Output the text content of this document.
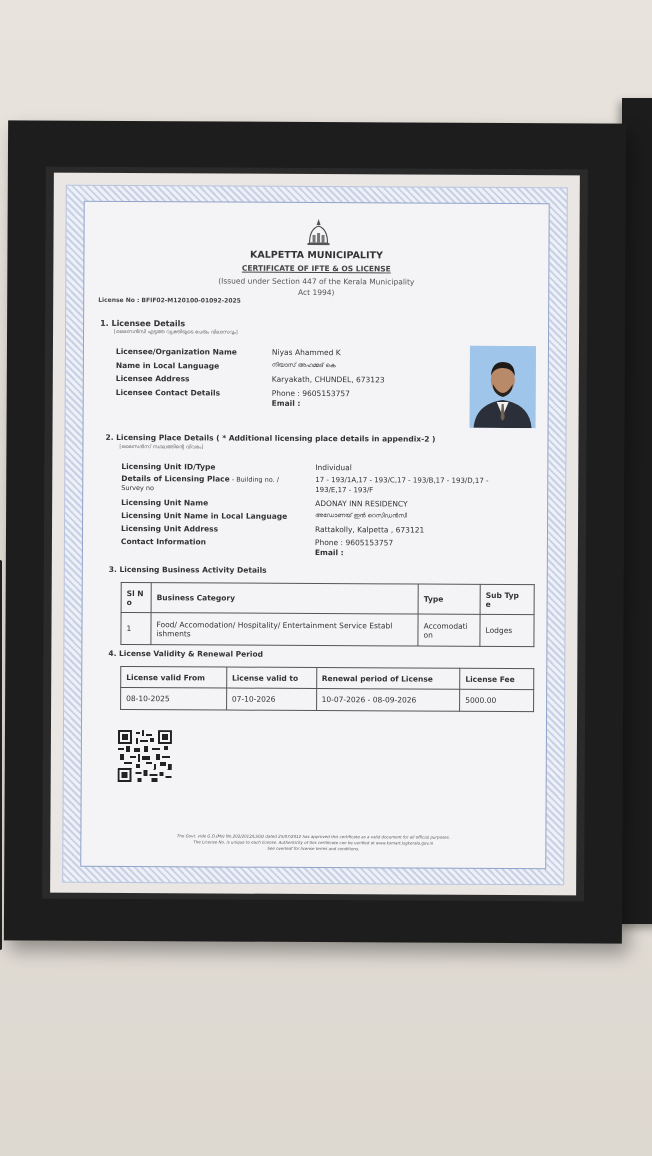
KALPETTA MUNICIPALITY
CERTIFICATE OF IFTE & OS LICENSE
(Issued under Section 447 of the Kerala Municipality
Act 1994)
License No : BFIF02-M120100-01092-2025
1. Licensee Details
[ലൈസൻസി എടുത്ത വ്യക്തിയുടെ പേരും വിലാസവും]
Licensee/Organization Name	Niyas Ahammed K
Name in Local Language	നിയാസ് അഹമ്മദ് കെ
Licensee Address	Karyakath, CHUNDEL, 673123
Licensee Contact Details	Phone : 9605153757
Email :
2. Licensing Place Details ( * Additional licensing place details in appendix-2 )
[ലൈസൻസ് സ്ഥലത്തിന്റെ വിവരം]
Licensing Unit ID/Type	Individual
Details of Licensing Place - Building no. /
Survey no
17 - 193/1A,17 - 193/C,17 - 193/B,17 - 193/D,17 -
193/E,17 - 193/F
Licensing Unit Name	ADONAY INN RESIDENCY
Licensing Unit Name in Local Language	അഡോണയ് ഇൻ റെസിഡൻസി
Licensing Unit Address	Rattakolly, Kalpetta , 673121
Contact Information	Phone : 9605153757
Email :
3. Licensing Business Activity Details
Sl N
o	Business Category	Type	Sub Typ
e
1	Food/ Accomodation/ Hospitality/ Entertainment Service Establ
ishments	Accomodati
on	Lodges
4. License Validity & Renewal Period
License valid From	License valid to	Renewal period of License	License Fee
08-10-2025	07-10-2026	10-07-2026 - 08-09-2026	5000.00
The Govt. vide G.O.(Ms) No.202/2012/LSGD dated 25/07/2012 has approved this certificate as a valid document for all official purposes.
The License No. is unique to each license. Authenticity of this certificate can be verified at www.ksmart.lsgkerala.gov.in
See overleaf for license terms and conditions.
